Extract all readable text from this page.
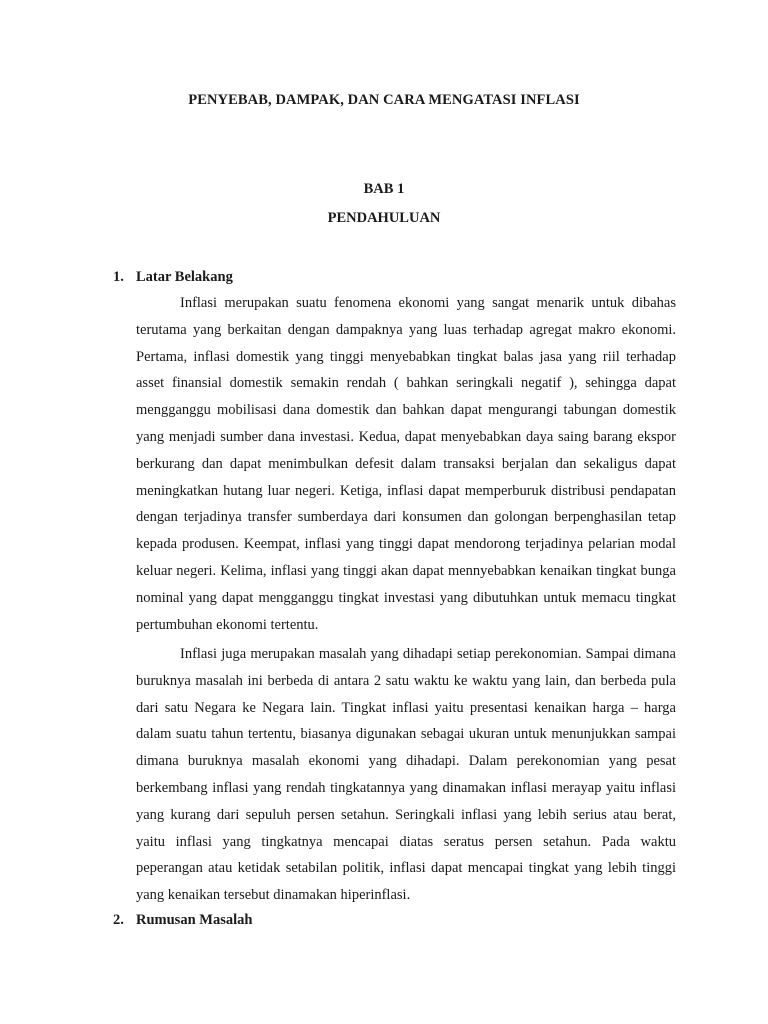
PENYEBAB, DAMPAK, DAN CARA MENGATASI INFLASI
BAB 1
PENDAHULUAN
1. Latar Belakang

Inflasi merupakan suatu fenomena ekonomi yang sangat menarik untuk dibahas terutama yang berkaitan dengan dampaknya yang luas terhadap agregat makro ekonomi. Pertama, inflasi domestik yang tinggi menyebabkan tingkat balas jasa yang riil terhadap asset finansial domestik semakin rendah ( bahkan seringkali negatif ), sehingga dapat mengganggu mobilisasi dana domestik dan bahkan dapat mengurangi tabungan domestik yang menjadi sumber dana investasi. Kedua, dapat menyebabkan daya saing barang ekspor berkurang dan dapat menimbulkan defesit dalam transaksi berjalan dan sekaligus dapat meningkatkan hutang luar negeri. Ketiga, inflasi dapat memperburuk distribusi pendapatan dengan terjadinya transfer sumberdaya dari konsumen dan golongan berpenghasilan tetap kepada produsen. Keempat, inflasi yang tinggi dapat mendorong terjadinya pelarian modal keluar negeri. Kelima, inflasi yang tinggi akan dapat mennyebabkan kenaikan tingkat bunga nominal yang dapat mengganggu tingkat investasi yang dibutuhkan untuk memacu tingkat pertumbuhan ekonomi tertentu.

Inflasi juga merupakan masalah yang dihadapi setiap perekonomian. Sampai dimana buruknya masalah ini berbeda di antara 2 satu waktu ke waktu yang lain, dan berbeda pula dari satu Negara ke Negara lain. Tingkat inflasi yaitu presentasi kenaikan harga – harga dalam suatu tahun tertentu, biasanya digunakan sebagai ukuran untuk menunjukkan sampai dimana buruknya masalah ekonomi yang dihadapi. Dalam perekonomian yang pesat berkembang inflasi yang rendah tingkatannya yang dinamakan inflasi merayap yaitu inflasi yang kurang dari sepuluh persen setahun. Seringkali inflasi yang lebih serius atau berat, yaitu inflasi yang tingkatnya mencapai diatas seratus persen setahun. Pada waktu peperangan atau ketidak setabilan politik, inflasi dapat mencapai tingkat yang lebih tinggi yang kenaikan tersebut dinamakan hiperinflasi.

2. Rumusan Masalah
